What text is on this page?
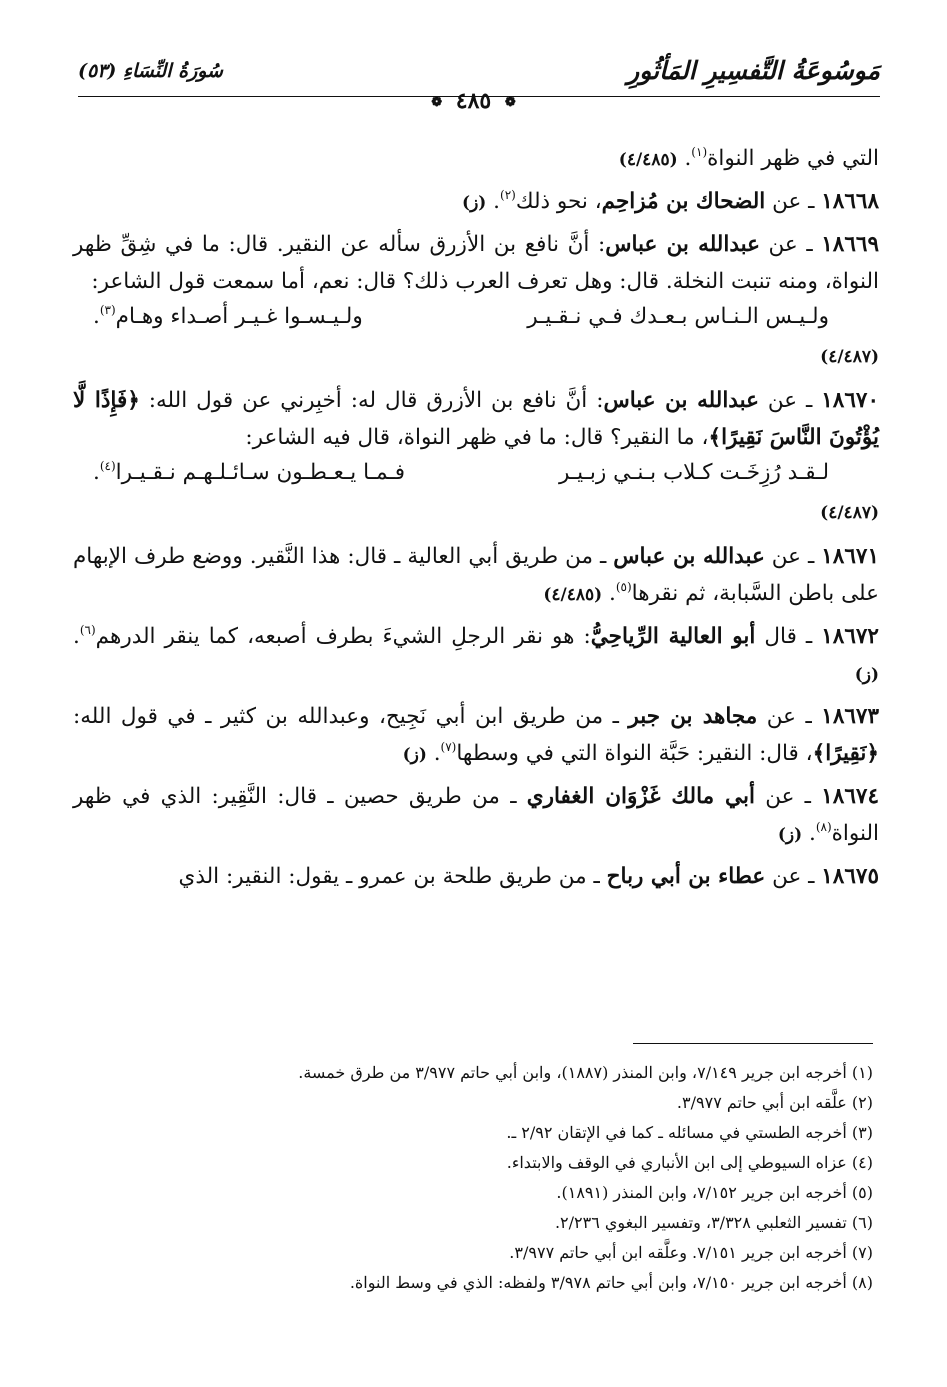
مَوسُوعَةُ التَّفسِيرِ المَأثُورِ
سُورَةُ النِّسَاءِ (٥٣)
❁ ٤٨٥ ❁

التي في ظهر النواة$^{(١)}$. (٤/٤٨٥)

١٨٦٦٨ ـ عن الضحاك بن مُزاحِم، نحو ذلك$^{(٢)}$. (ز)

١٨٦٦٩ ـ عن عبدالله بن عباس: أنَّ نافع بن الأزرق سأله عن النقير. قال: ما في شِقِّ ظهر النواة، ومنه تنبت النخلة. قال: وهل تعرف العرب ذلك؟ قال: نعم، أما سمعت قول الشاعر:

ولـيـس الـنـاس بـعـدك فـي نـقـيـر
ولـيـسـوا غـيـر أصـداء وهـام$^{(٣)}$.
(٤/٤٨٧)

١٨٦٧٠ ـ عن عبدالله بن عباس: أنَّ نافع بن الأزرق قال له: أخبِرني عن قول الله: ﴿فَإِذًا لَّا يُؤْتُونَ النَّاسَ نَقِيرًا﴾، ما النقير؟ قال: ما في ظهر النواة، قال فيه الشاعر:

لـقـد رُزِخَـت كـلاب بـنـي زبـيـر
فـمـا يـعـطـون سـائـلـهـم نـقـيـرا$^{(٤)}$.
(٤/٤٨٧)

١٨٦٧١ ـ عن عبدالله بن عباس ـ من طريق أبي العالية ـ قال: هذا النَّقير. ووضع طرف الإبهام على باطن السَّبابة، ثم نقرها$^{(٥)}$. (٤/٤٨٥)

١٨٦٧٢ ـ قال أبو العالية الرِّياحِيُّ: هو نقر الرجلِ الشيءَ بطرف أصبعه، كما ينقر الدرهم$^{(٦)}$. (ز)

١٨٦٧٣ ـ عن مجاهد بن جبر ـ من طريق ابن أبي نَجِيح، وعبدالله بن كثير ـ في قول الله: ﴿نَقِيرًا﴾، قال: النقير: حَبَّة النواة التي في وسطها$^{(٧)}$. (ز)

١٨٦٧٤ ـ عن أبي مالك غَزْوَان الغفاري ـ من طريق حصين ـ قال: النَّقِير: الذي في ظهر النواة$^{(٨)}$. (ز)

١٨٦٧٥ ـ عن عطاء بن أبي رباح ـ من طريق طلحة بن عمرو ـ يقول: النقير: الذي

(١) أخرجه ابن جرير ٧/١٤٩، وابن المنذر (١٨٨٧)، وابن أبي حاتم ٣/٩٧٧ من طرق خمسة.
(٢) علَّقه ابن أبي حاتم ٣/٩٧٧.
(٣) أخرجه الطستي في مسائله ـ كما في الإتقان ٢/٩٢ ـ.
(٤) عزاه السيوطي إلى ابن الأنباري في الوقف والابتداء.
(٥) أخرجه ابن جرير ٧/١٥٢، وابن المنذر (١٨٩١).
(٦) تفسير الثعلبي ٣/٣٢٨، وتفسير البغوي ٢/٢٣٦.
(٧) أخرجه ابن جرير ٧/١٥١. وعلَّقه ابن أبي حاتم ٣/٩٧٧.
(٨) أخرجه ابن جرير ٧/١٥٠، وابن أبي حاتم ٣/٩٧٨ ولفظه: الذي في وسط النواة.
